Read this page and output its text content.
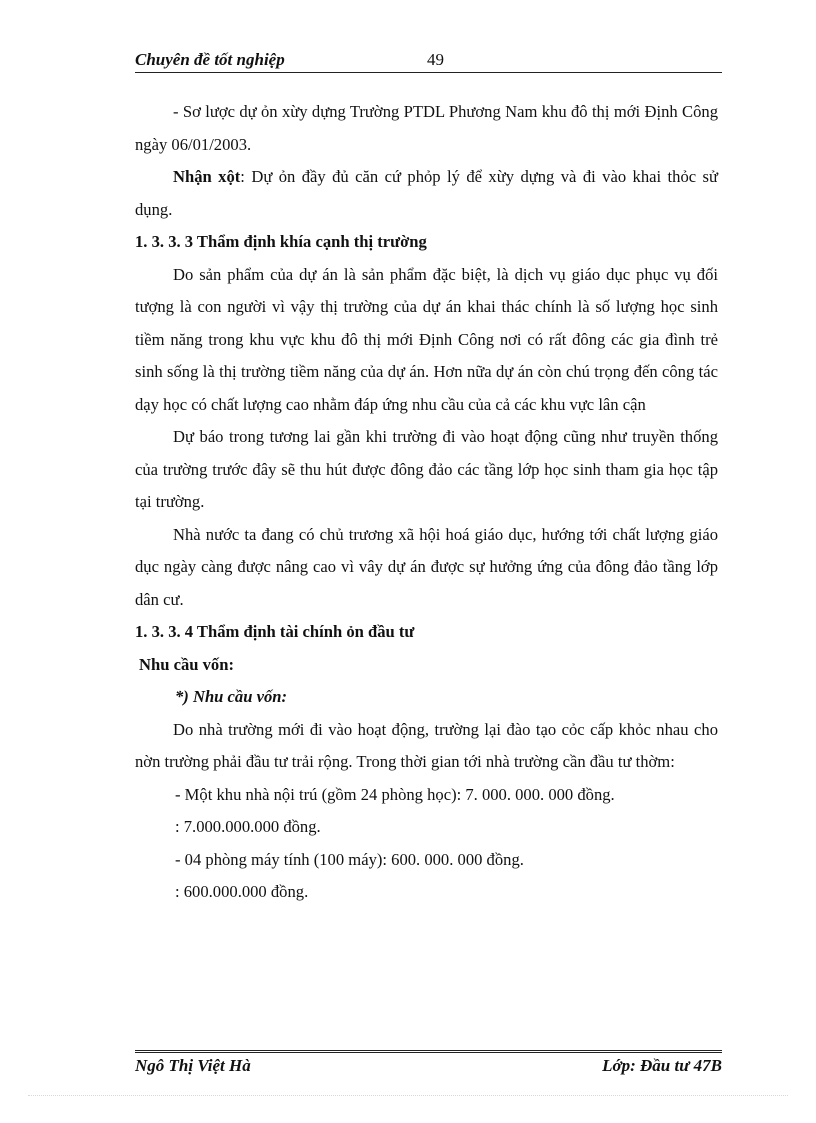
Chuyên đề tốt nghiệp	49

- Sơ lược dự ỏn xừy dựng Trường PTDL Phương Nam khu đô thị mới Định Công ngày 06/01/2003.

Nhận xột: Dự ỏn đầy đủ căn cứ phỏp lý để xừy dựng và đi vào khai thỏc sử dụng.

1. 3. 3. 3 Thẩm định khía cạnh thị trường

Do sản phẩm của dự án là sản phẩm đặc biệt, là dịch vụ giáo dục phục vụ đối tượng là con người vì vậy thị trường của dự án khai thác chính là số lượng học sinh tiềm năng trong khu vực khu đô thị mới Định Công nơi có rất đông các gia đình trẻ sinh sống là thị trường tiềm năng của dự án. Hơn nữa dự án còn chú trọng đến công tác dạy học có chất lượng cao nhằm đáp ứng nhu cầu của cả các khu vực lân cận

Dự báo trong tương lai gần khi trường đi vào hoạt động cũng như truyền thống của trường trước đây sẽ thu hút được đông đảo các tầng lớp học sinh tham gia học tập tại trường.

Nhà nước ta đang có chủ trương xã hội hoá giáo dục, hướng tới chất lượng giáo dục ngày càng được nâng cao vì vây dự án được sự hưởng ứng của đông đảo tầng lớp dân cư.

1. 3. 3. 4 Thẩm định tài chính ỏn đầu tư

Nhu cầu vốn:

*) Nhu cầu vốn:

Do nhà trường mới đi vào hoạt động, trường lại đào tạo cỏc cấp khỏc nhau cho nờn trường phải đầu tư trải rộng. Trong thời gian tới nhà trường cần đầu tư thờm:

- Một khu nhà nội trú (gồm 24 phòng học): 7. 000. 000. 000 đồng.

: 7.000.000.000 đồng.

- 04 phòng máy tính (100 máy): 600. 000. 000 đồng.

: 600.000.000 đồng.

Ngô Thị Việt Hà	Lớp: Đầu tư 47B
